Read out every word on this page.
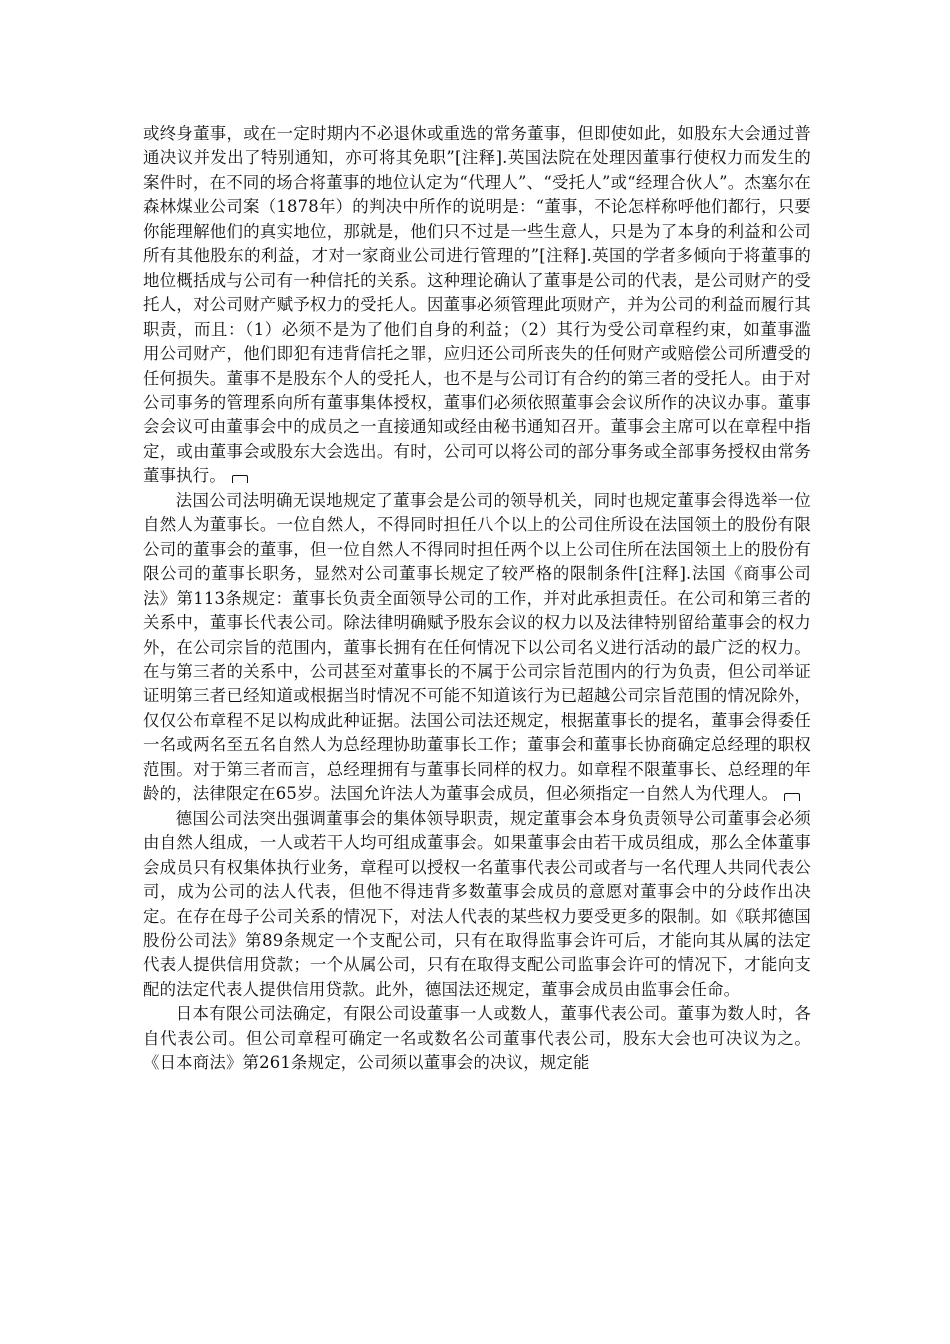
或终身董事，或在一定时期内不必退休或重选的常务董事，但即使如此，如股东大会通过普通决议并发出了特别通知，亦可将其免职”[注释].英国法院在处理因董事行使权力而发生的案件时，在不同的场合将董事的地位认定为“代理人”、“受托人”或“经理合伙人”。杰塞尔在森林煤业公司案（1878年）的判决中所作的说明是：“董事，不论怎样称呼他们都行，只要你能理解他们的真实地位，那就是，他们只不过是一些生意人，只是为了本身的利益和公司所有其他股东的利益，才对一家商业公司进行管理的”[注释].英国的学者多倾向于将董事的地位概括成与公司有一种信托的关系。这种理论确认了董事是公司的代表，是公司财产的受托人，对公司财产赋予权力的受托人。因董事必须管理此项财产，并为公司的利益而履行其职责，而且：（1）必须不是为了他们自身的利益；（2）其行为受公司章程约束，如董事滥用公司财产，他们即犯有违背信托之罪，应归还公司所丧失的任何财产或赔偿公司所遭受的任何损失。董事不是股东个人的受托人，也不是与公司订有合约的第三者的受托人。由于对公司事务的管理系向所有董事集体授权，董事们必须依照董事会会议所作的决议办事。董事会会议可由董事会中的成员之一直接通知或经由秘书通知召开。董事会主席可以在章程中指定，或由董事会或股东大会选出。有时，公司可以将公司的部分事务或全部事务授权由常务董事执行。

法国公司法明确无误地规定了董事会是公司的领导机关，同时也规定董事会得选举一位自然人为董事长。一位自然人，不得同时担任八个以上的公司住所设在法国领土的股份有限公司的董事会的董事，但一位自然人不得同时担任两个以上公司住所在法国领土上的股份有限公司的董事长职务，显然对公司董事长规定了较严格的限制条件[注释].法国《商事公司法》第113条规定：董事长负责全面领导公司的工作，并对此承担责任。在公司和第三者的关系中，董事长代表公司。除法律明确赋予股东会议的权力以及法律特别留给董事会的权力外，在公司宗旨的范围内，董事长拥有在任何情况下以公司名义进行活动的最广泛的权力。在与第三者的关系中，公司甚至对董事长的不属于公司宗旨范围内的行为负责，但公司举证证明第三者已经知道或根据当时情况不可能不知道该行为已超越公司宗旨范围的情况除外，仅仅公布章程不足以构成此种证据。法国公司法还规定，根据董事长的提名，董事会得委任一名或两名至五名自然人为总经理协助董事长工作；董事会和董事长协商确定总经理的职权范围。对于第三者而言，总经理拥有与董事长同样的权力。如章程不限董事长、总经理的年龄的，法律限定在65岁。法国允许法人为董事会成员，但必须指定一自然人为代理人。

德国公司法突出强调董事会的集体领导职责，规定董事会本身负责领导公司董事会必须由自然人组成，一人或若干人均可组成董事会。如果董事会由若干成员组成，那么全体董事会成员只有权集体执行业务，章程可以授权一名董事代表公司或者与一名代理人共同代表公司，成为公司的法人代表，但他不得违背多数董事会成员的意愿对董事会中的分歧作出决定。在存在母子公司关系的情况下，对法人代表的某些权力要受更多的限制。如《联邦德国股份公司法》第89条规定一个支配公司，只有在取得监事会许可后，才能向其从属的法定代表人提供信用贷款；一个从属公司，只有在取得支配公司监事会许可的情况下，才能向支配的法定代表人提供信用贷款。此外，德国法还规定，董事会成员由监事会任命。

日本有限公司法确定，有限公司设董事一人或数人，董事代表公司。董事为数人时，各自代表公司。但公司章程可确定一名或数名公司董事代表公司，股东大会也可决议为之。《日本商法》第261条规定，公司须以董事会的决议，规定能
